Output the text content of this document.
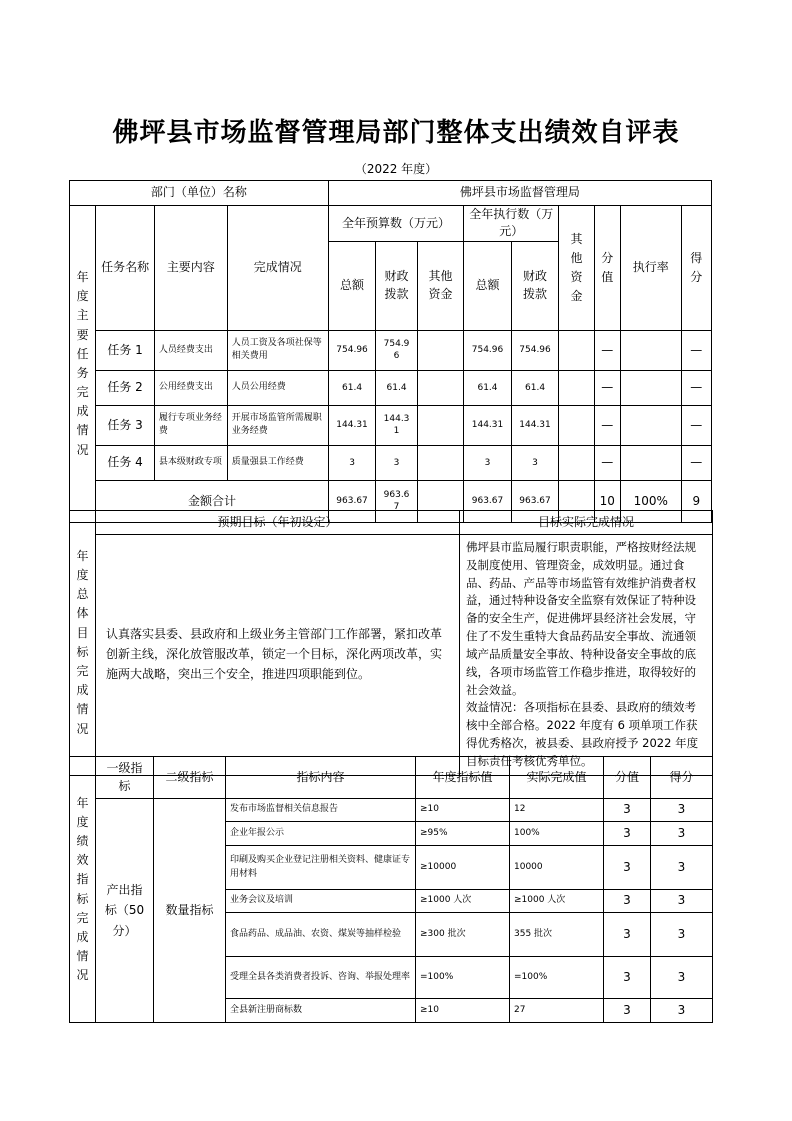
佛坪县市场监督管理局部门整体支出绩效自评表
（2022 年度）
部门（单位）名称				佛坪县市场监督管理局								
年度主要任务完成情况	任务名称	主要内容	完成情况	全年预算数（万元）			全年执行数（万元）		其他资金	分值	执行率	得分
				总额	财政拨款	其他资金	总额	财政拨款				
	任务 1	人员经费支出	人员工资及各项社保等相关费用	754.96	754.96		754.96	754.96		—		—
	任务 2	公用经费支出	人员公用经费	61.4	61.4		61.4	61.4		—		—
	任务 3	履行专项业务经费	开展市场监管所需履职业务经费	144.31	144.31		144.31	144.31		—		—
	任务 4	县本级财政专项	质量强县工作经费	3	3		3	3		—		—
	金额合计			963.67	963.67		963.67	963.67		10	100%	9
年度总体目标完成情况	预期目标（年初设定）	目标实际完成情况
	认真落实县委、县政府和上级业务主管部门工作部署，紧扣改革创新主线，深化放管服改革，锁定一个目标，深化两项改革，实施两大战略，突出三个安全，推进四项职能到位。	佛坪县市监局履行职责职能，严格按财经法规及制度使用、管理资金，成效明显。通过食品、药品、产品等市场监管有效维护消费者权益，通过特种设备安全监察有效保证了特种设备的安全生产，促进佛坪县经济社会发展，守住了不发生重特大食品药品安全事故、流通领域产品质量安全事故、特种设备安全事故的底线，各项市场监管工作稳步推进，取得较好的社会效益。
效益情况：各项指标在县委、县政府的绩效考核中全部合格。2022 年度有 6 项单项工作获得优秀格次，被县委、县政府授予 2022 年度目标责任考核优秀单位。
年度绩效指标完成情况	一级指标	二级指标	指标内容	年度指标值	实际完成值	分值	得分
	产出指标（50 分）	数量指标	发布市场监督相关信息报告	≥10	12	3	3
			企业年报公示	≥95%	100%	3	3
			印刷及购买企业登记注册相关资料、健康证专用材料	≥10000	10000	3	3
			业务会议及培训	≥1000 人次	≥1000 人次	3	3
			食品药品、成品油、农资、煤炭等抽样检验	≥300 批次	355 批次	3	3
			受理全县各类消费者投诉、咨询、举报处理率	=100%	=100%	3	3
			全县新注册商标数	≥10	27	3	3
